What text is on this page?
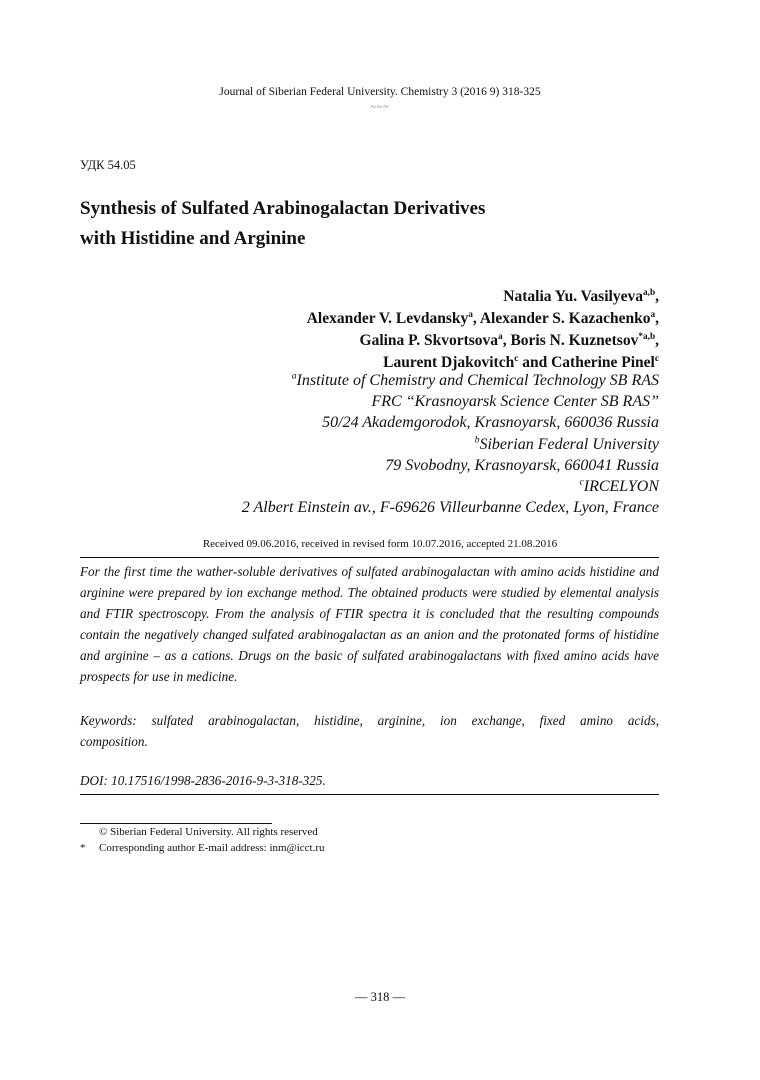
Journal of Siberian Federal University. Chemistry 3 (2016 9) 318-325
~~~
УДК 54.05
Synthesis of Sulfated Arabinogalactan Derivatives
with Histidine and Arginine
Natalia Yu. Vasilyeva$^{a,b}$,
Alexander V. Levdansky$^a$, Alexander S. Kazachenko$^a$,
Galina P. Skvortsova$^a$, Boris N. Kuznetsov$^{*a,b}$,
Laurent Djakovitch$^c$ and Catherine Pinel$^c$
$^a$Institute of Chemistry and Chemical Technology SB RAS
FRC “Krasnoyarsk Science Center SB RAS”
50/24 Akademgorodok, Krasnoyarsk, 660036 Russia
$^b$Siberian Federal University
79 Svobodny, Krasnoyarsk, 660041 Russia
$^c$IRCELYON
2 Albert Einstein av., F-69626 Villeurbanne Cedex, Lyon, France
Received 09.06.2016, received in revised form 10.07.2016, accepted 21.08.2016
For the first time the wather-soluble derivatives of sulfated arabinogalactan with amino acids histidine and arginine were prepared by ion exchange method. The obtained products were studied by elemental analysis and FTIR spectroscopy. From the analysis of FTIR spectra it is concluded that the resulting compounds contain the negatively changed sulfated arabinogalactan as an anion and the protonated forms of histidine and arginine – as a cations. Drugs on the basic of sulfated arabinogalactans with fixed amino acids have prospects for use in medicine.
Keywords: sulfated arabinogalactan, histidine, arginine, ion exchange, fixed amino acids,
composition.
DOI: 10.17516/1998-2836-2016-9-3-318-325.
© Siberian Federal University. All rights reserved
* Corresponding author E-mail address: inm@icct.ru
— 318 —
